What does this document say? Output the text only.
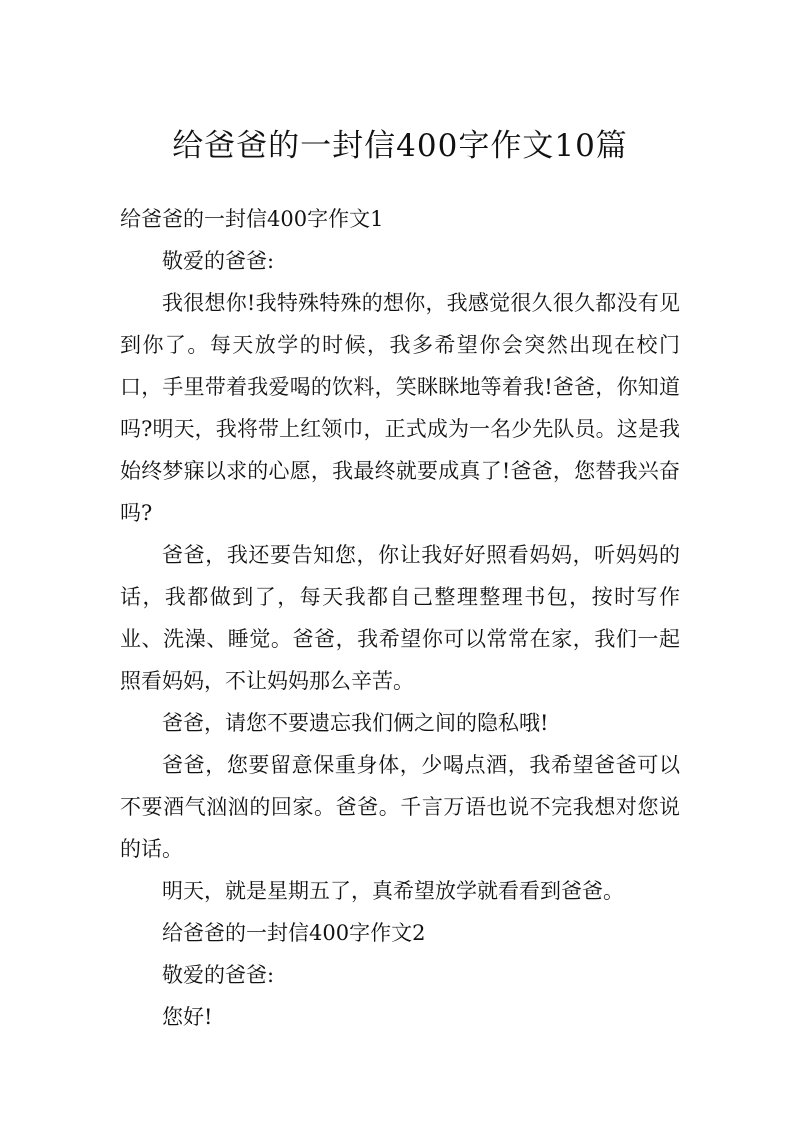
给爸爸的一封信400字作文10篇

给爸爸的一封信400字作文1

敬爱的爸爸:

我很想你!我特殊特殊的想你，我感觉很久很久都没有见到你了。每天放学的时候，我多希望你会突然出现在校门口，手里带着我爱喝的饮料，笑眯眯地等着我!爸爸，你知道吗?明天，我将带上红领巾，正式成为一名少先队员。这是我始终梦寐以求的心愿，我最终就要成真了!爸爸，您替我兴奋吗?

爸爸，我还要告知您，你让我好好照看妈妈，听妈妈的话，我都做到了，每天我都自己整理整理书包，按时写作业、洗澡、睡觉。爸爸，我希望你可以常常在家，我们一起照看妈妈，不让妈妈那么辛苦。

爸爸，请您不要遗忘我们俩之间的隐私哦!

爸爸，您要留意保重身体，少喝点酒，我希望爸爸可以不要酒气汹汹的回家。爸爸。千言万语也说不完我想对您说的话。

明天，就是星期五了，真希望放学就看看到爸爸。

给爸爸的一封信400字作文2

敬爱的爸爸:

您好!
